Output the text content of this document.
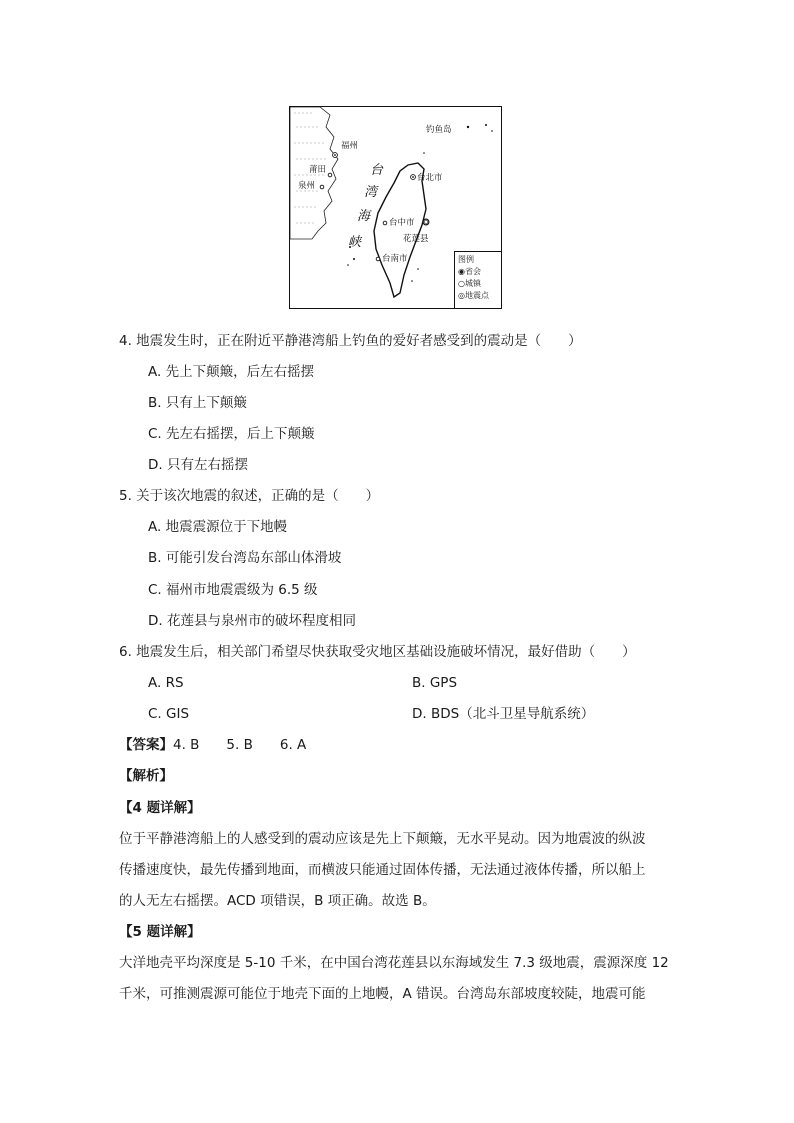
福州
莆田
泉州
钓鱼岛
台北市
台中市
花莲县
台南市
台
湾
海
峡
图例
◉省会
○城镇
◎地震点
4. 地震发生时，正在附近平静港湾船上钓鱼的爱好者感受到的震动是（　　）
A. 先上下颠簸，后左右摇摆
B. 只有上下颠簸
C. 先左右摇摆，后上下颠簸
D. 只有左右摇摆
5. 关于该次地震的叙述，正确的是（　　）
A. 地震震源位于下地幔
B. 可能引发台湾岛东部山体滑坡
C. 福州市地震震级为 6.5 级
D. 花莲县与泉州市的破坏程度相同
6. 地震发生后，相关部门希望尽快获取受灾地区基础设施破坏情况，最好借助（　　）
A. RS	B. GPS
C. GIS	D. BDS（北斗卫星导航系统）
【答案】4. B　　5. B　　6. A
【解析】
【4 题详解】
位于平静港湾船上的人感受到的震动应该是先上下颠簸，无水平晃动。因为地震波的纵波
传播速度快，最先传播到地面，而横波只能通过固体传播，无法通过液体传播，所以船上
的人无左右摇摆。ACD 项错误，B 项正确。故选 B。
【5 题详解】
大洋地壳平均深度是 5-10 千米，在中国台湾花莲县以东海域发生 7.3 级地震，震源深度 12
千米，可推测震源可能位于地壳下面的上地幔，A 错误。台湾岛东部坡度较陡，地震可能
